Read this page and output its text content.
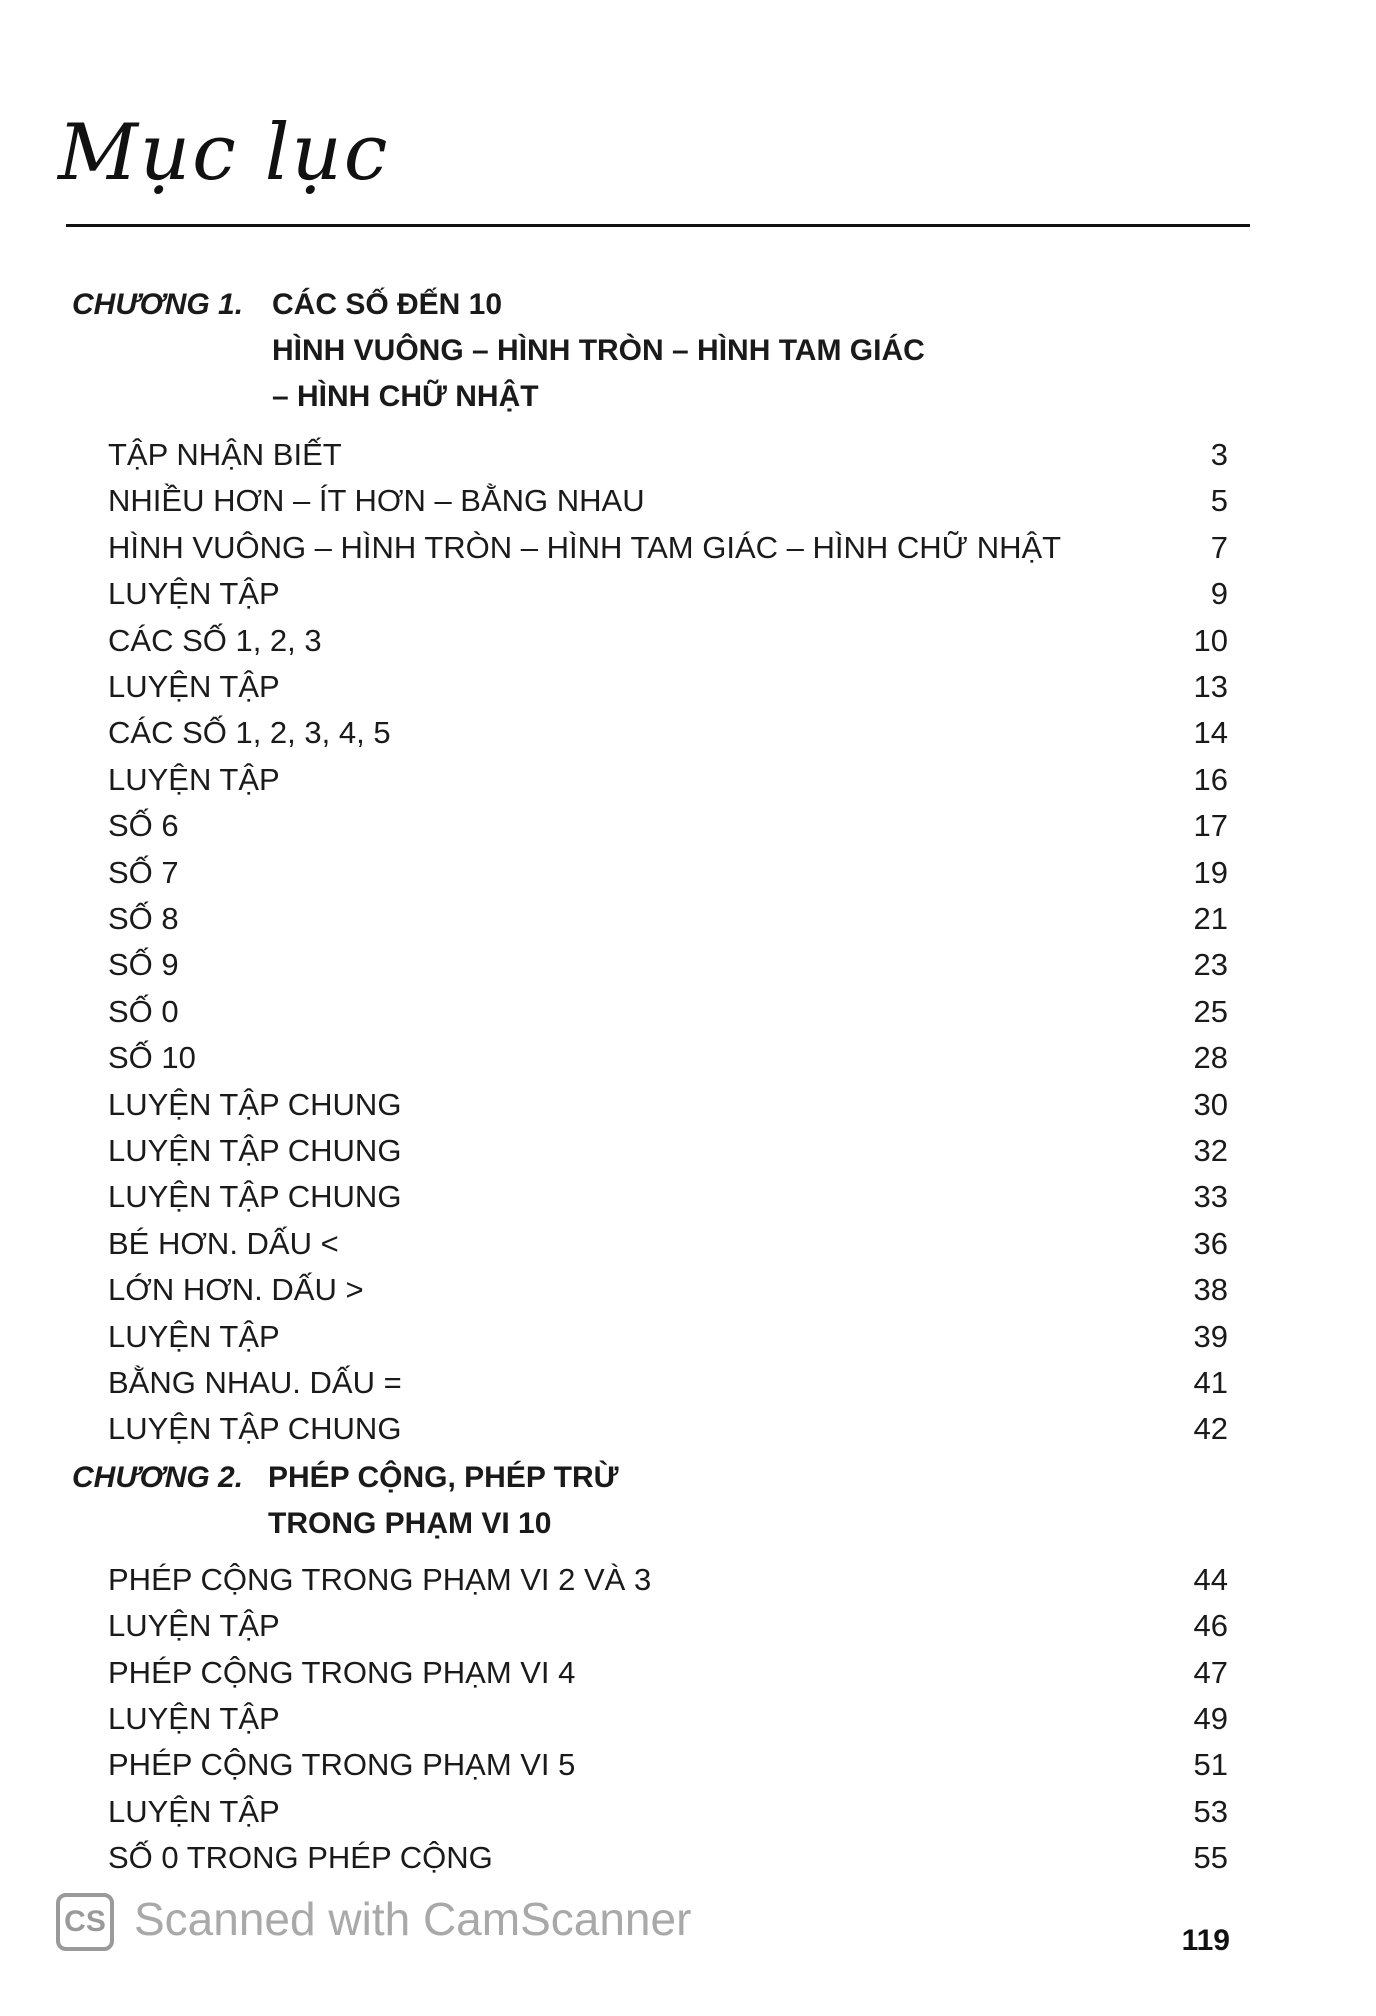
Mục lục
CHƯƠNG 1. CÁC SỐ ĐẾN 10
HÌNH VUÔNG – HÌNH TRÒN – HÌNH TAM GIÁC
– HÌNH CHỮ NHẬT
TẬP NHẬN BIẾT	3
NHIỀU HƠN – ÍT HƠN – BẰNG NHAU	5
HÌNH VUÔNG – HÌNH TRÒN – HÌNH TAM GIÁC – HÌNH CHỮ NHẬT	7
LUYỆN TẬP	9
CÁC SỐ 1, 2, 3	10
LUYỆN TẬP	13
CÁC SỐ 1, 2, 3, 4, 5	14
LUYỆN TẬP	16
SỐ 6	17
SỐ 7	19
SỐ 8	21
SỐ 9	23
SỐ 0	25
SỐ 10	28
LUYỆN TẬP CHUNG	30
LUYỆN TẬP CHUNG	32
LUYỆN TẬP CHUNG	33
BÉ HƠN. DẤU <	36
LỚN HƠN. DẤU >	38
LUYỆN TẬP	39
BẰNG NHAU. DẤU =	41
LUYỆN TẬP CHUNG	42
CHƯƠNG 2. PHÉP CỘNG, PHÉP TRỪ
TRONG PHẠM VI 10
PHÉP CỘNG TRONG PHẠM VI 2 VÀ 3	44
LUYỆN TẬP	46
PHÉP CỘNG TRONG PHẠM VI 4	47
LUYỆN TẬP	49
PHÉP CỘNG TRONG PHẠM VI 5	51
LUYỆN TẬP	53
SỐ 0 TRONG PHÉP CỘNG	55
CS Scanned with CamScanner	119
